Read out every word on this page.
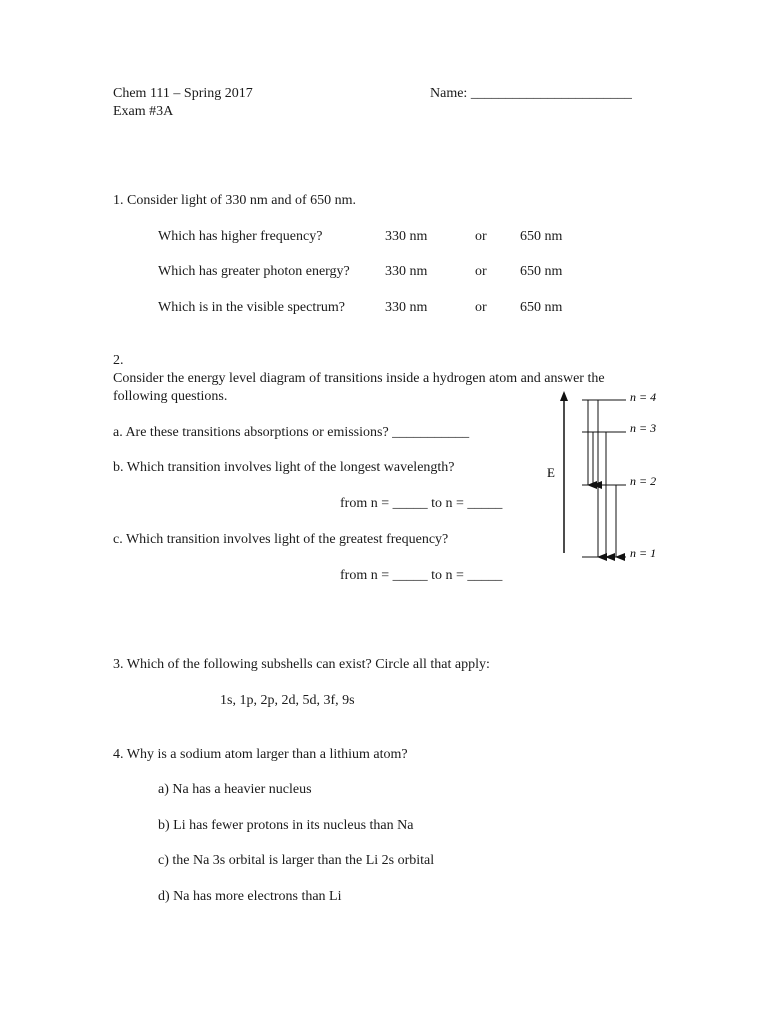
Chem 111 – Spring 2017
Exam #3A
Name: _______________________
1. Consider light of 330 nm and of 650 nm.
Which has higher frequency?	330 nm	or 650 nm
Which has greater photon energy?	330 nm	or 650 nm
Which is in the visible spectrum?	330 nm	or 650 nm
2.
Consider the energy level diagram of transitions inside a hydrogen atom and answer the
following questions.
a. Are these transitions absorptions or emissions? ___________
b. Which transition involves light of the longest wavelength?
from n = _____ to n = _____
c. Which transition involves light of the greatest frequency?
from n = _____ to n = _____
E
n = 4
n = 3
n = 2
n = 1
3. Which of the following subshells can exist? Circle all that apply:
1s, 1p, 2p, 2d, 5d, 3f, 9s
4. Why is a sodium atom larger than a lithium atom?
a) Na has a heavier nucleus
b) Li has fewer protons in its nucleus than Na
c) the Na 3s orbital is larger than the Li 2s orbital
d) Na has more electrons than Li
